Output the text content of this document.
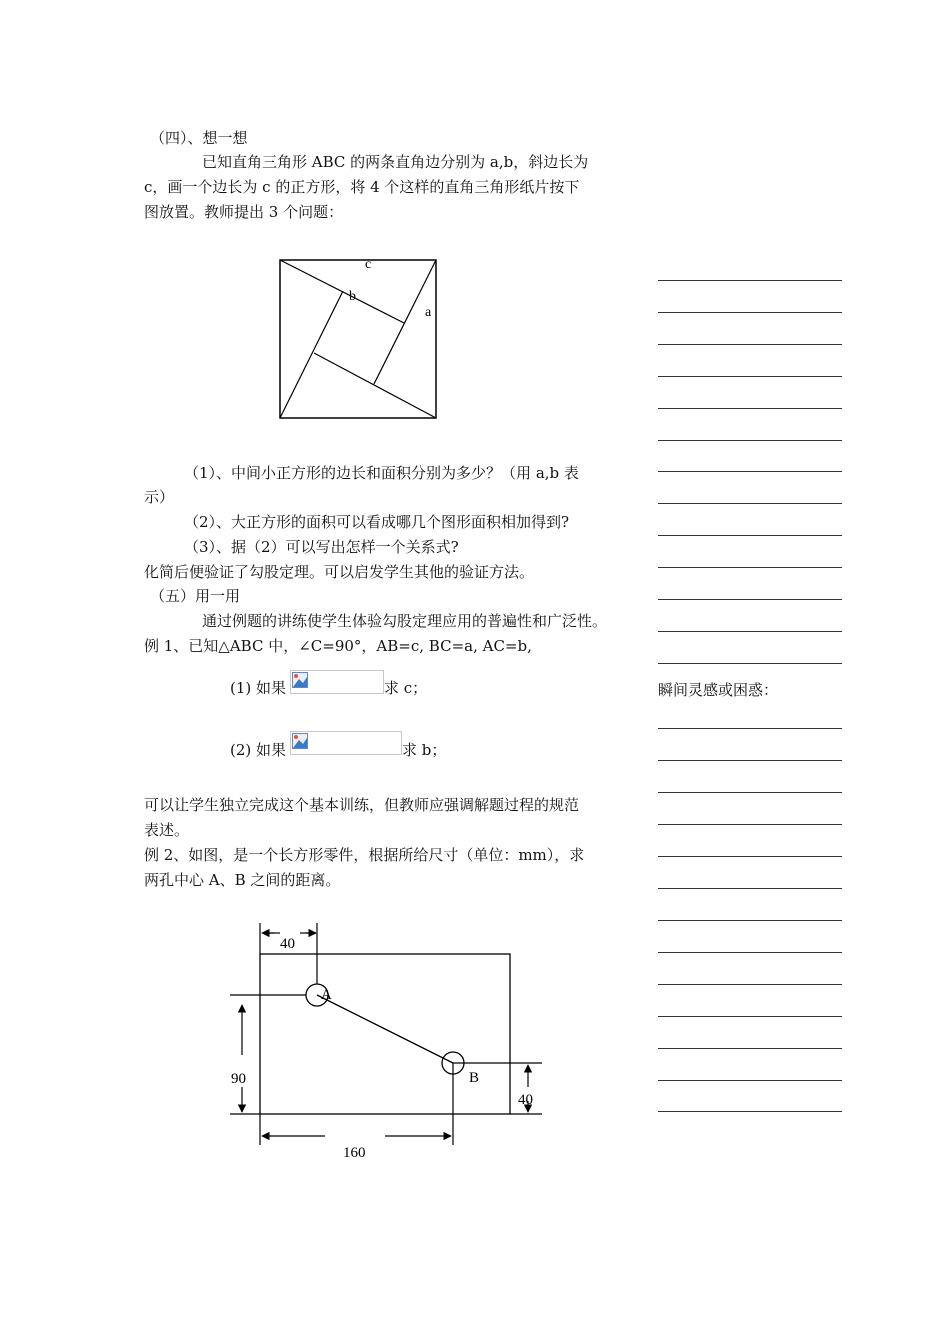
（四）、想一想
已知直角三角形 ABC 的两条直角边分别为 a,b，斜边长为
c，画一个边长为 c 的正方形，将 4 个这样的直角三角形纸片按下
图放置。教师提出 3 个问题：
c
b
a
（1）、中间小正方形的边长和面积分别为多少？（用 a,b 表
示）
（2）、大正方形的面积可以看成哪几个图形面积相加得到?
（3）、据（2）可以写出怎样一个关系式?
化简后便验证了勾股定理。可以启发学生其他的验证方法。
（五）用一用
通过例题的讲练使学生体验勾股定理应用的普遍性和广泛性。
例 1、已知△ABC 中，∠C=90°，AB=c, BC=a, AC=b,
(1) 如果	求 c；
(2) 如果	求 b；
可以让学生独立完成这个基本训练，但教师应强调解题过程的规范
表述。
例 2、如图，是一个长方形零件，根据所给尺寸（单位：mm），求
两孔中心 A、B 之间的距离。
40
90
A
B
40
160
瞬间灵感或困惑：
